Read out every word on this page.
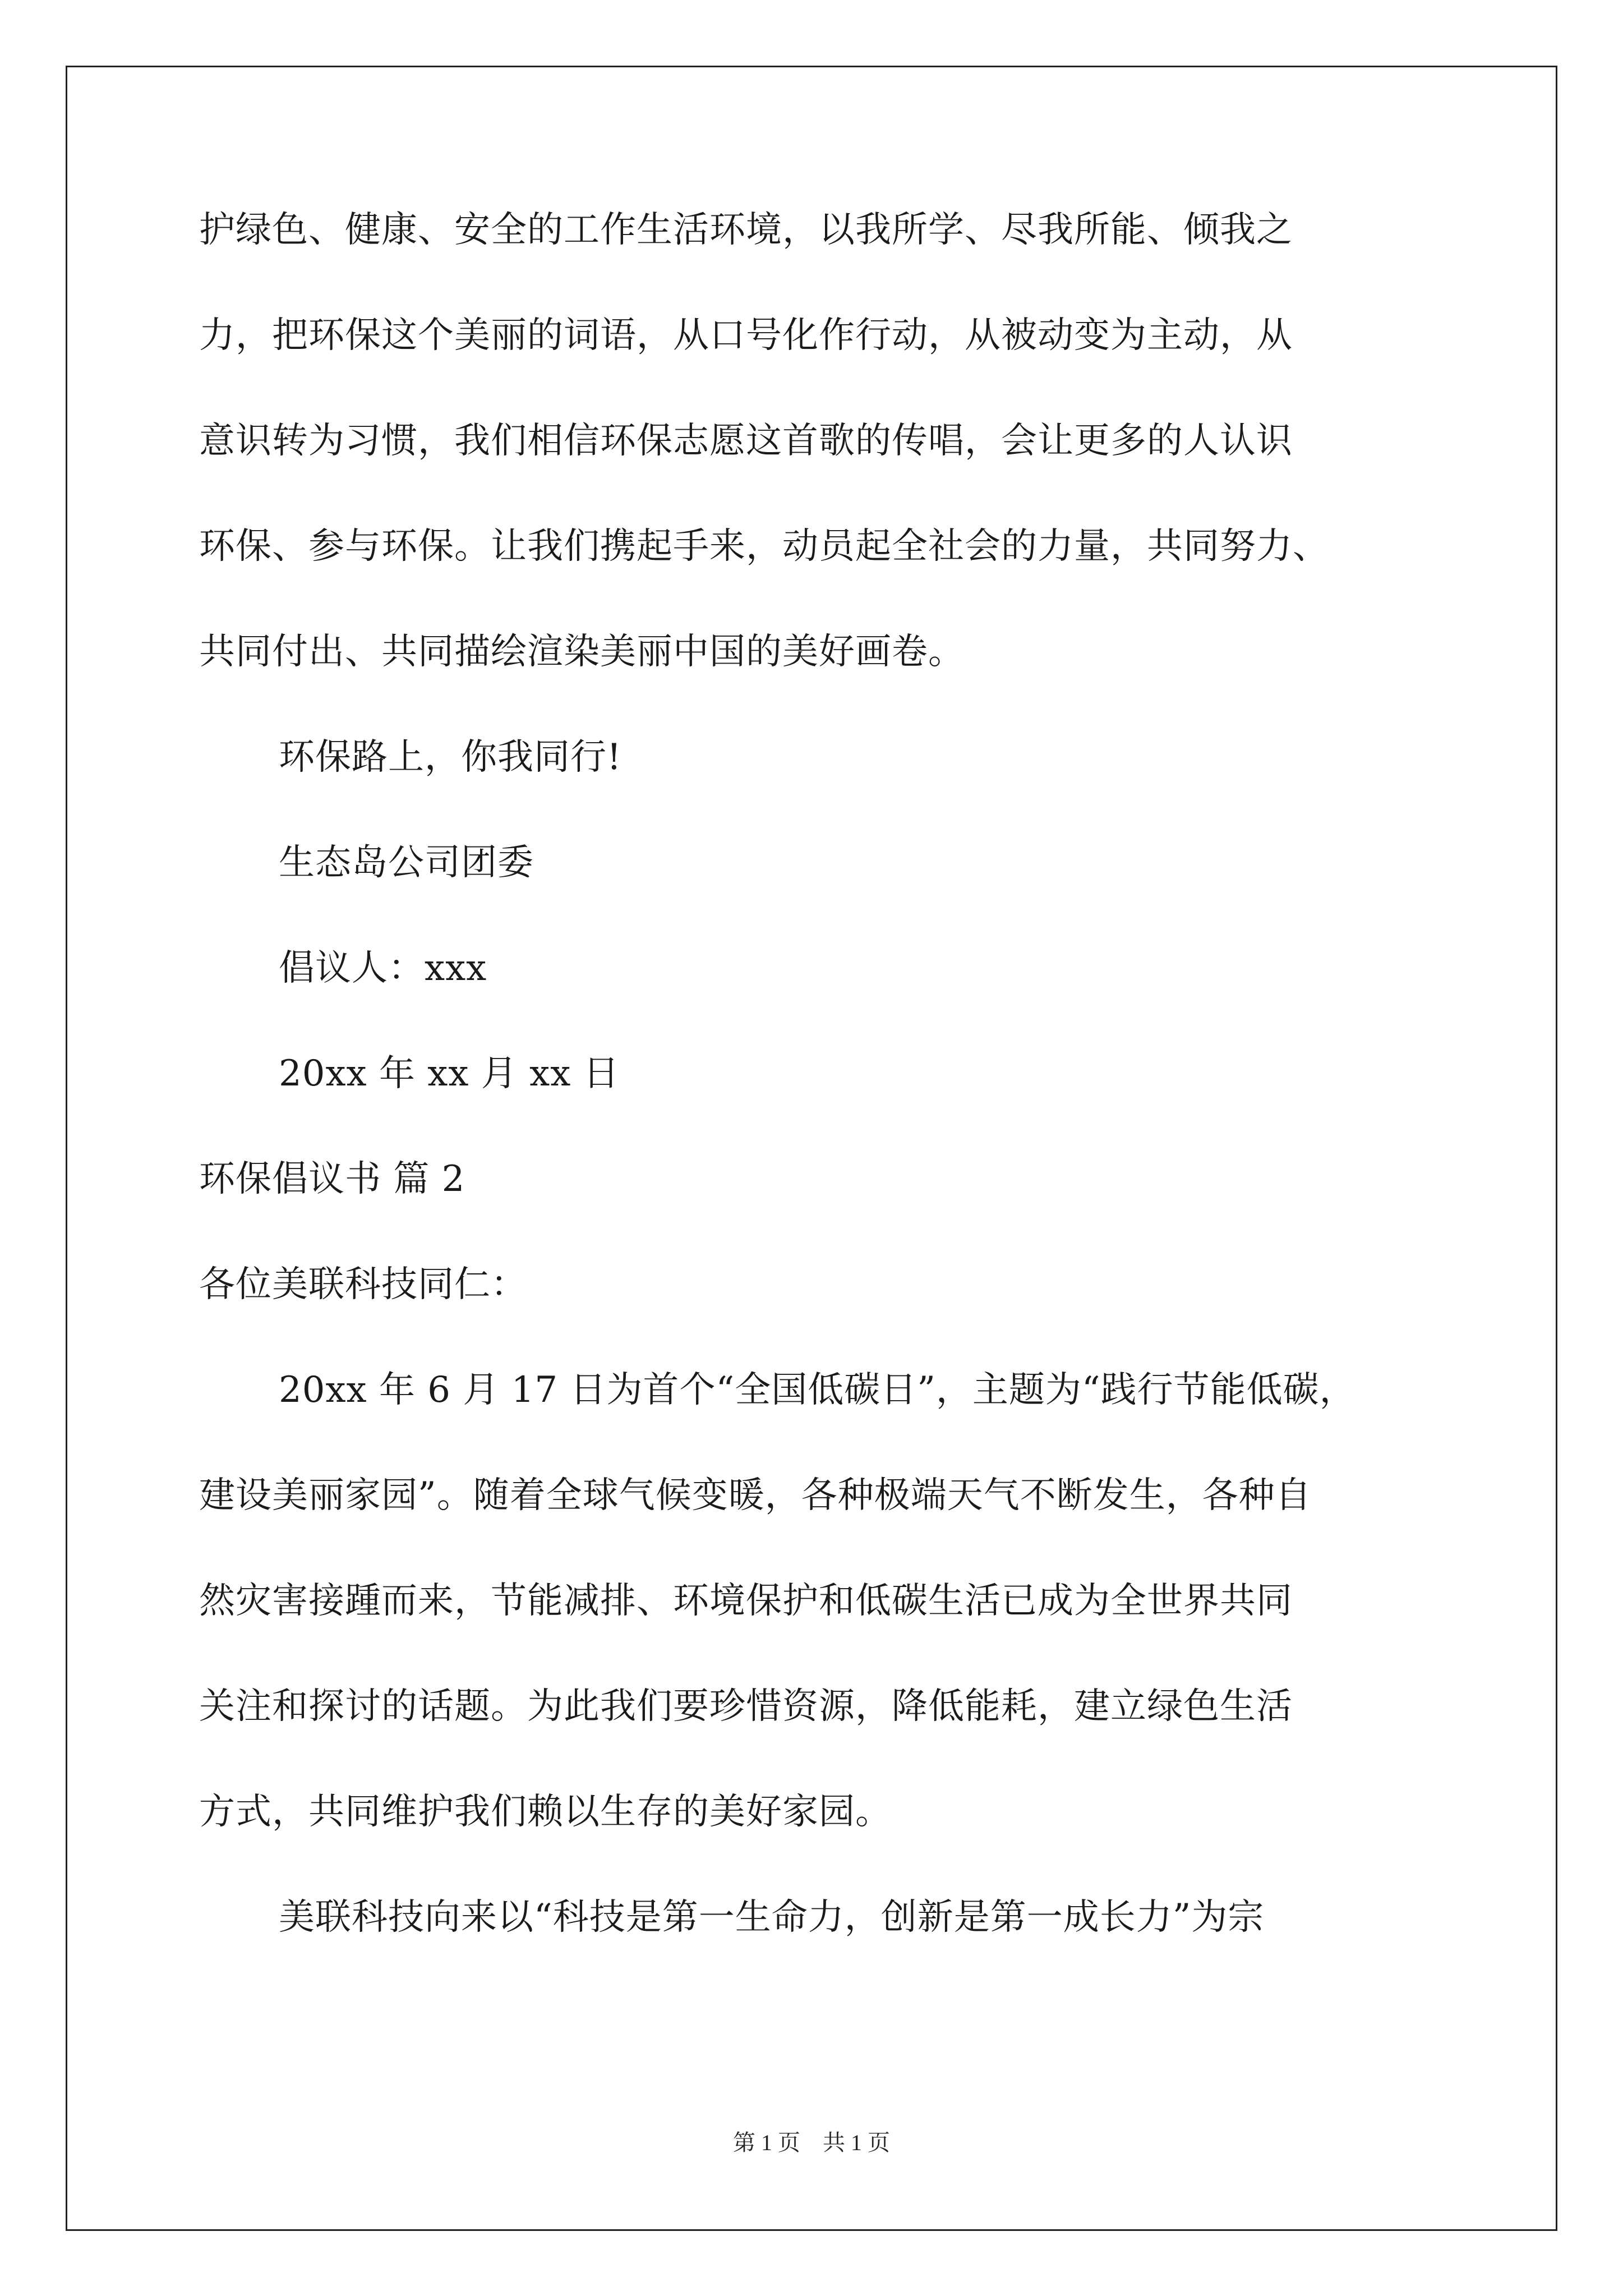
护绿色、健康、安全的工作生活环境，以我所学、尽我所能、倾我之
力，把环保这个美丽的词语，从口号化作行动，从被动变为主动，从
意识转为习惯，我们相信环保志愿这首歌的传唱，会让更多的人认识
环保、参与环保。让我们携起手来，动员起全社会的力量，共同努力、
共同付出、共同描绘渲染美丽中国的美好画卷。
环保路上，你我同行!
生态岛公司团委
倡议人：xxx
20xx 年 xx 月 xx 日
环保倡议书 篇 2
各位美联科技同仁：
20xx 年 6 月 17 日为首个“全国低碳日”，主题为“践行节能低碳，
建设美丽家园”。随着全球气候变暖，各种极端天气不断发生，各种自
然灾害接踵而来，节能减排、环境保护和低碳生活已成为全世界共同
关注和探讨的话题。为此我们要珍惜资源，降低能耗，建立绿色生活
方式，共同维护我们赖以生存的美好家园。
美联科技向来以“科技是第一生命力，创新是第一成长力”为宗
第 1 页　共 1 页
